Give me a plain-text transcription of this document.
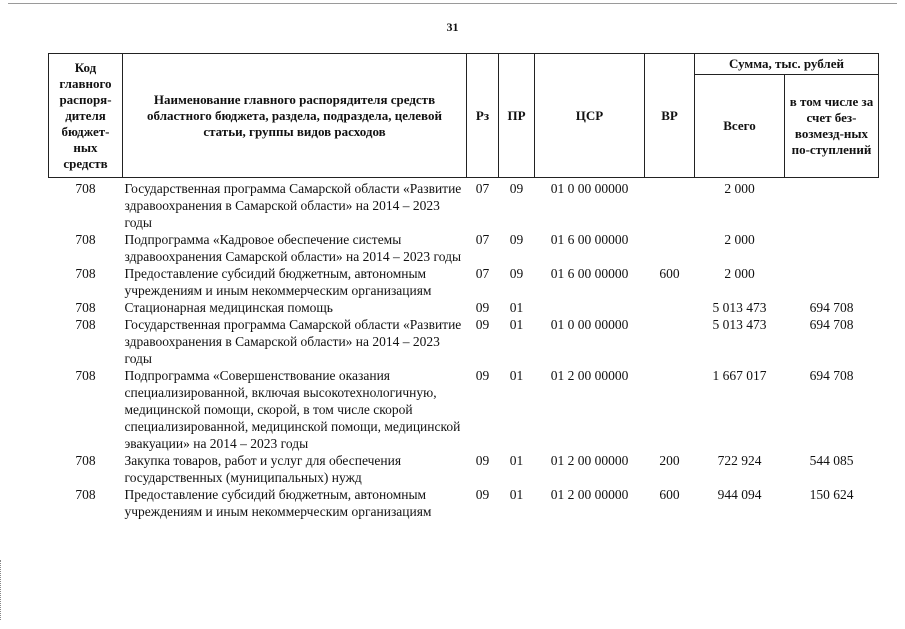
31
Код главного распоря-дителя бюджет-ных средств	Наименование главного распорядителя средств областного бюджета, раздела, подраздела, целевой статьи, группы видов расходов	Рз	ПР	ЦСР	ВР	Сумма, тыс. рублей	
						Всего	в том числе за счет без-возмезд-ных по-ступлений
708	Государственная программа Самарской области «Развитие здравоохранения в Самарской области» на 2014 – 2023 годы	07	09	01 0 00 00000		2 000	
708	Подпрограмма «Кадровое обеспечение системы здравоохранения Самарской области» на 2014 – 2023 годы	07	09	01 6 00 00000		2 000	
708	Предоставление субсидий бюджетным, автономным учреждениям и иным некоммерческим организациям	07	09	01 6 00 00000	600	2 000	
708	Стационарная медицинская помощь	09	01			5 013 473	694 708
708	Государственная программа Самарской области «Развитие здравоохранения в Самарской области» на 2014 – 2023 годы	09	01	01 0 00 00000		5 013 473	694 708
708	Подпрограмма «Совершенствование оказания специализированной, включая высокотехнологичную, медицинской помощи, скорой, в том числе скорой специализированной, медицинской помощи, медицинской эвакуации» на 2014 – 2023 годы	09	01	01 2 00 00000		1 667 017	694 708
708	Закупка товаров, работ и услуг для обеспечения государственных (муниципальных) нужд	09	01	01 2 00 00000	200	722 924	544 085
708	Предоставление субсидий бюджетным, автономным учреждениям и иным некоммерческим организациям	09	01	01 2 00 00000	600	944 094	150 624
